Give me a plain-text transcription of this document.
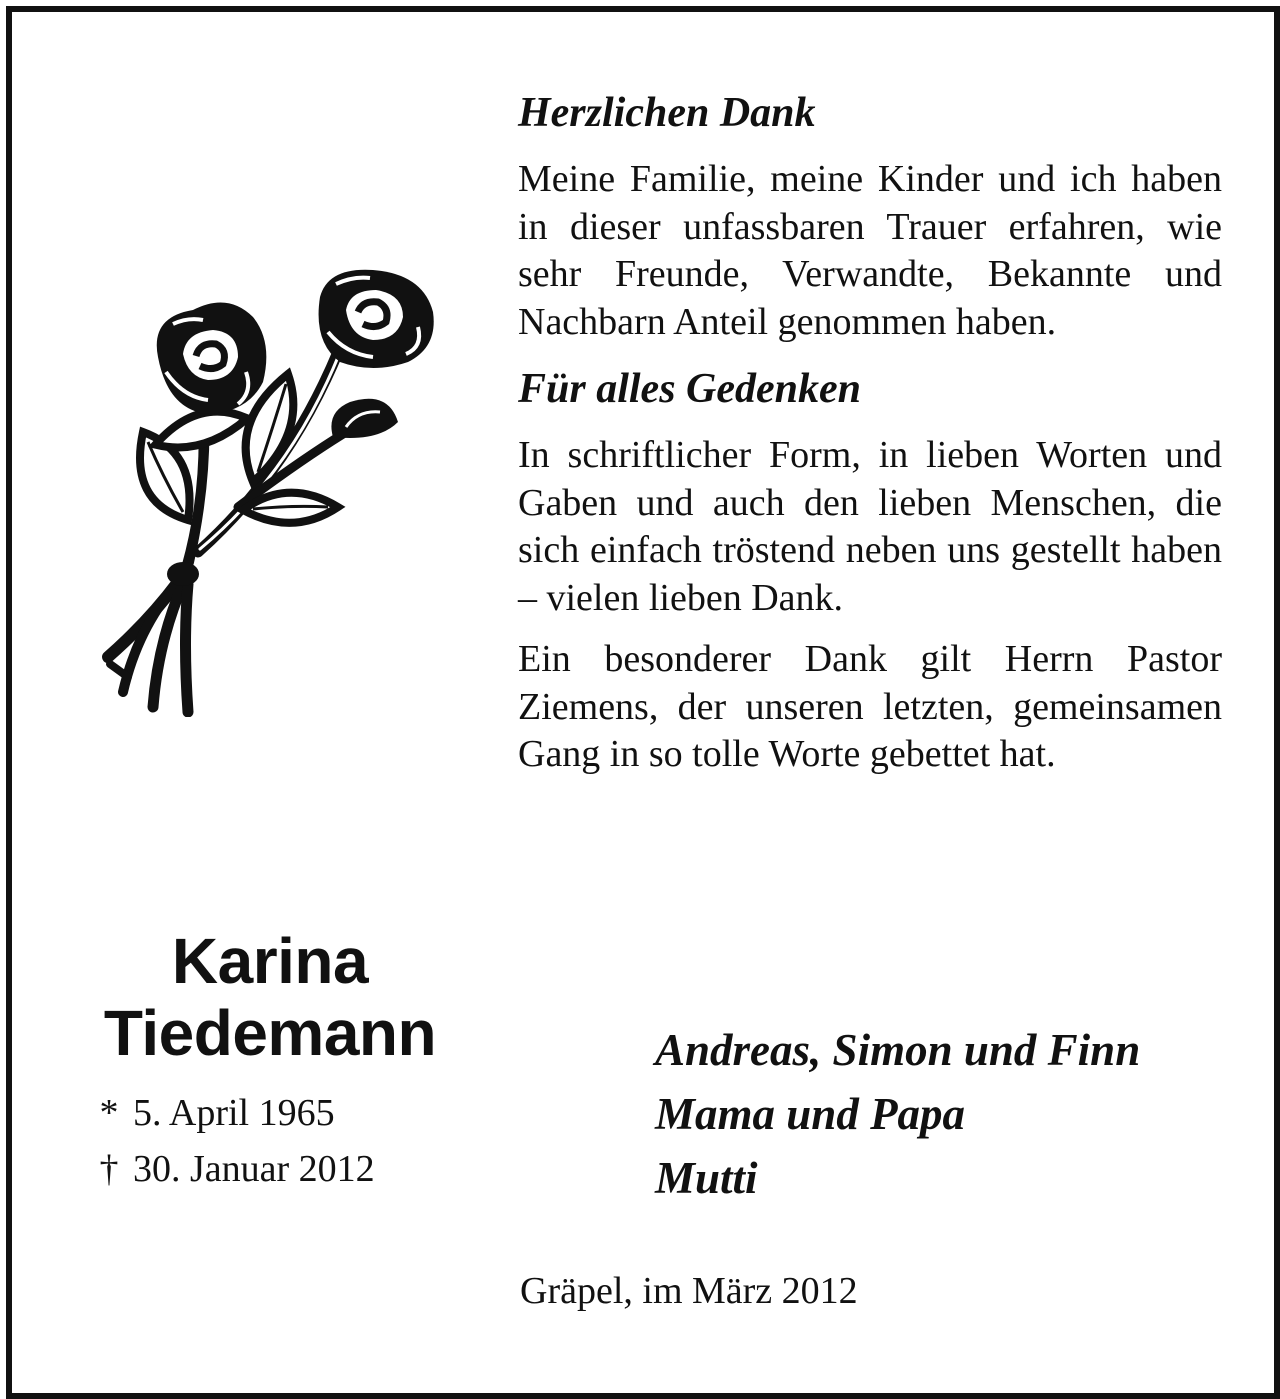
Karina
Tiedemann
* 5. April 1965
† 30. Januar 2012

Herzlichen Dank

Meine Familie, meine Kinder und ich haben in dieser unfassbaren Trauer erfahren, wie sehr Freunde, Verwandte, Bekannte und Nachbarn Anteil genommen haben.

Für alles Gedenken

In schriftlicher Form, in lieben Worten und Gaben und auch den lieben Menschen, die sich einfach tröstend neben uns gestellt haben – vielen lieben Dank.

Ein besonderer Dank gilt Herrn Pastor Ziemens, der unseren letzten, gemeinsamen Gang in so tolle Worte gebettet hat.

Andreas, Simon und Finn
Mama und Papa
Mutti
Gräpel, im März 2012
